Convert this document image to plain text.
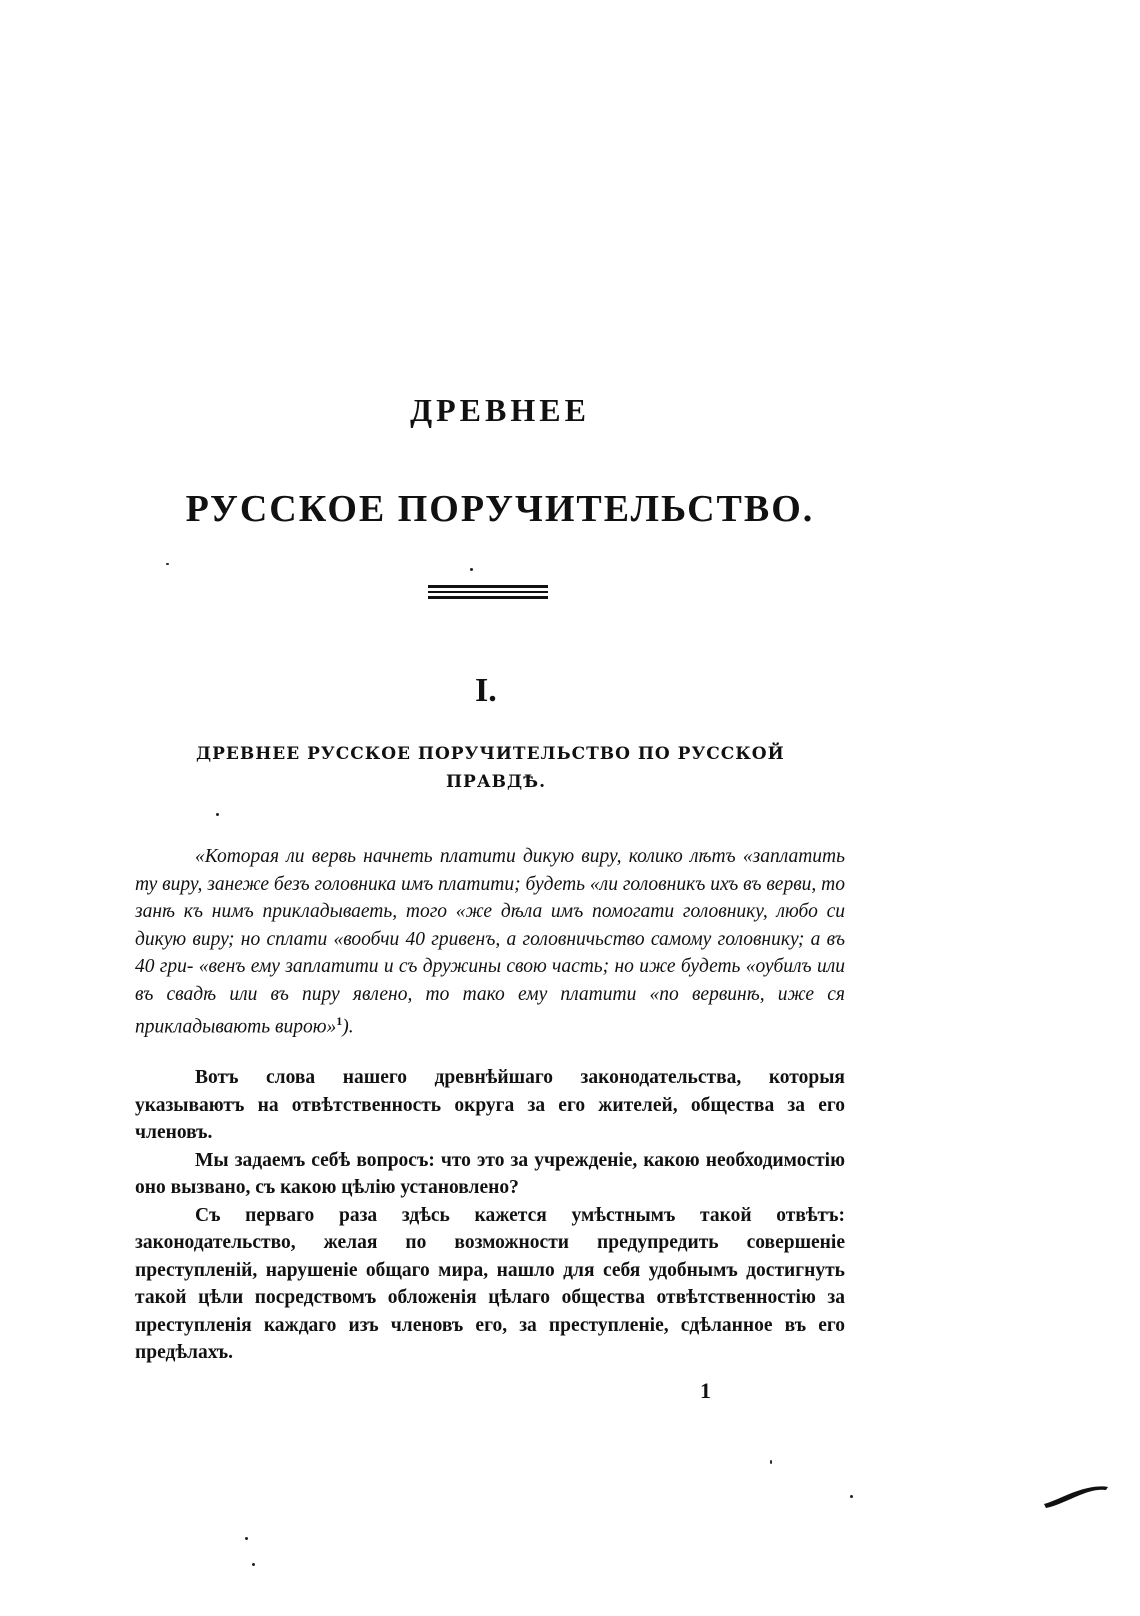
ДРЕВНЕЕ
РУССКОЕ ПОРУЧИТЕЛЬСТВО.
I.
ДРЕВНЕЕ РУССКОЕ ПОРУЧИТЕЛЬСТВО ПО РУССКОЙ
ПРАВДѢ.

«Которая ли вервь начнеть платити дикую виру, колико лѣтъ «заплатить ту виру, занеже безъ головника имъ платити; будеть «ли головникъ ихъ въ верви, то занѣ къ нимъ прикладываеть, того «же дѣла имъ помогати головнику, любо си дикую виру; но сплати «вообчи 40 гривенъ, а головничьство самому головнику; а въ 40 гри- «венъ ему заплатити и съ дружины свою часть; но иже будеть «оубилъ или въ свадѣ или въ пиру явлено, то тако ему платити «по вервинѣ, иже ся прикладывають вирою»$^1$).

Вотъ слова нашего древнѣйшаго законодательства, которыя указываютъ на отвѣтственность округа за его жителей, общества за его членовъ.

Мы задаемъ себѣ вопросъ: что это за учрежденіе, какою необходимостію оно вызвано, съ какою цѣлію установлено?

Съ перваго раза здѣсь кажется умѣстнымъ такой отвѣтъ: законодательство, желая по возможности предупредить совершеніе преступленій, нарушеніе общаго мира, нашло для себя удобнымъ достигнуть такой цѣли посредствомъ обложенія цѣлаго общества отвѣтственностію за преступленія каждаго изъ членовъ его, за преступленіе, сдѣланное въ его предѣлахъ.

1
